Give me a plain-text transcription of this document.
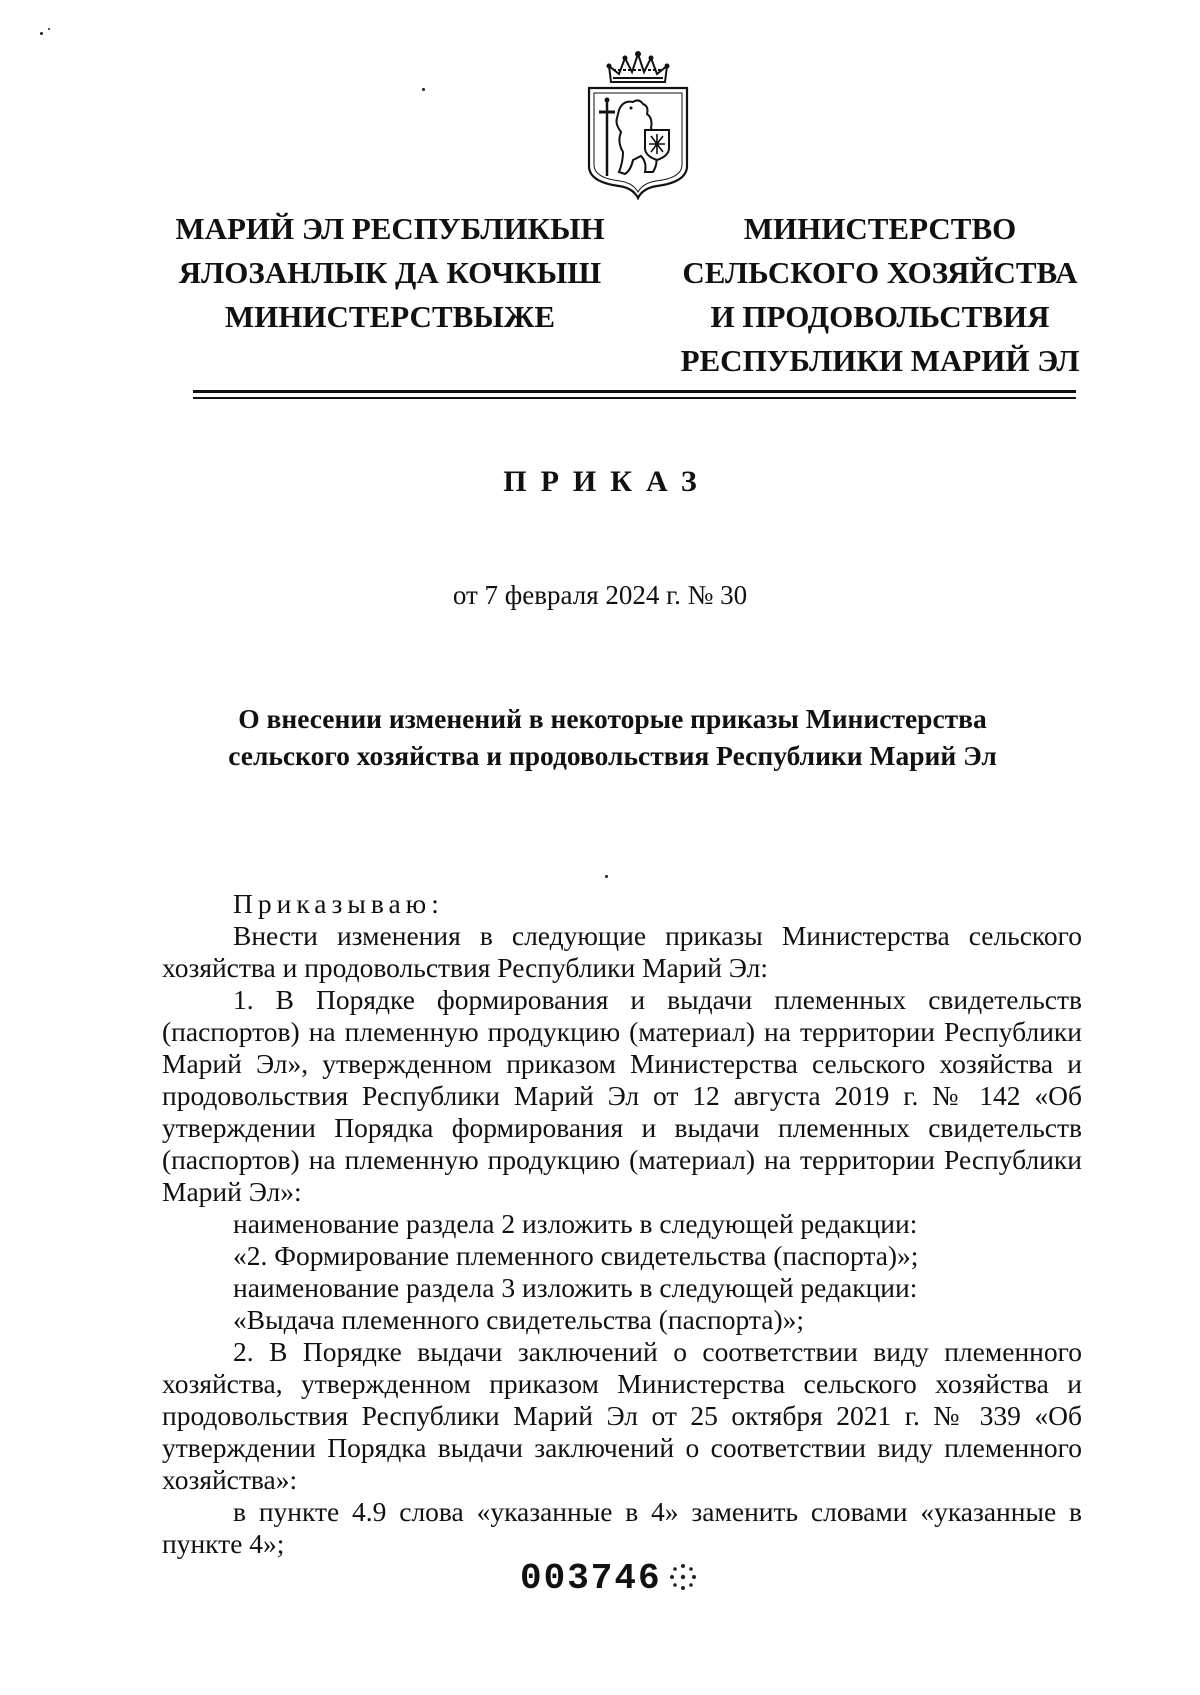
МАРИЙ ЭЛ РЕСПУБЛИКЫН
ЯЛОЗАНЛЫК ДА КОЧКЫШ
МИНИСТЕРСТВЫЖЕ
МИНИСТЕРСТВО
СЕЛЬСКОГО ХОЗЯЙСТВА
И ПРОДОВОЛЬСТВИЯ
РЕСПУБЛИКИ МАРИЙ ЭЛ
ПРИКАЗ
от 7 февраля 2024 г. № 30
О внесении изменений в некоторые приказы Министерства
сельского хозяйства и продовольствия Республики Марий Эл

Приказываю:

Внести изменения в следующие приказы Министерства сельского хозяйства и продовольствия Республики Марий Эл:

1. В Порядке формирования и выдачи племенных свидетельств (паспортов) на племенную продукцию (материал) на территории Республики Марий Эл», утвержденном приказом Министерства сельского хозяйства и продовольствия Республики Марий Эл от 12 августа 2019 г. № 142 «Об утверждении Порядка формирования и выдачи племенных свидетельств (паспортов) на племенную продукцию (материал) на территории Республики Марий Эл»:

наименование раздела 2 изложить в следующей редакции:

«2. Формирование племенного свидетельства (паспорта)»;

наименование раздела 3 изложить в следующей редакции:

«Выдача племенного свидетельства (паспорта)»;

2. В Порядке выдачи заключений о соответствии виду племенного хозяйства, утвержденном приказом Министерства сельского хозяйства и продовольствия Республики Марий Эл от 25 октября 2021 г. № 339 «Об утверждении Порядка выдачи заключений о соответствии виду племенного хозяйства»:

в пункте 4.9 слова «указанные в 4» заменить словами «указанные в пункте 4»;

003746
